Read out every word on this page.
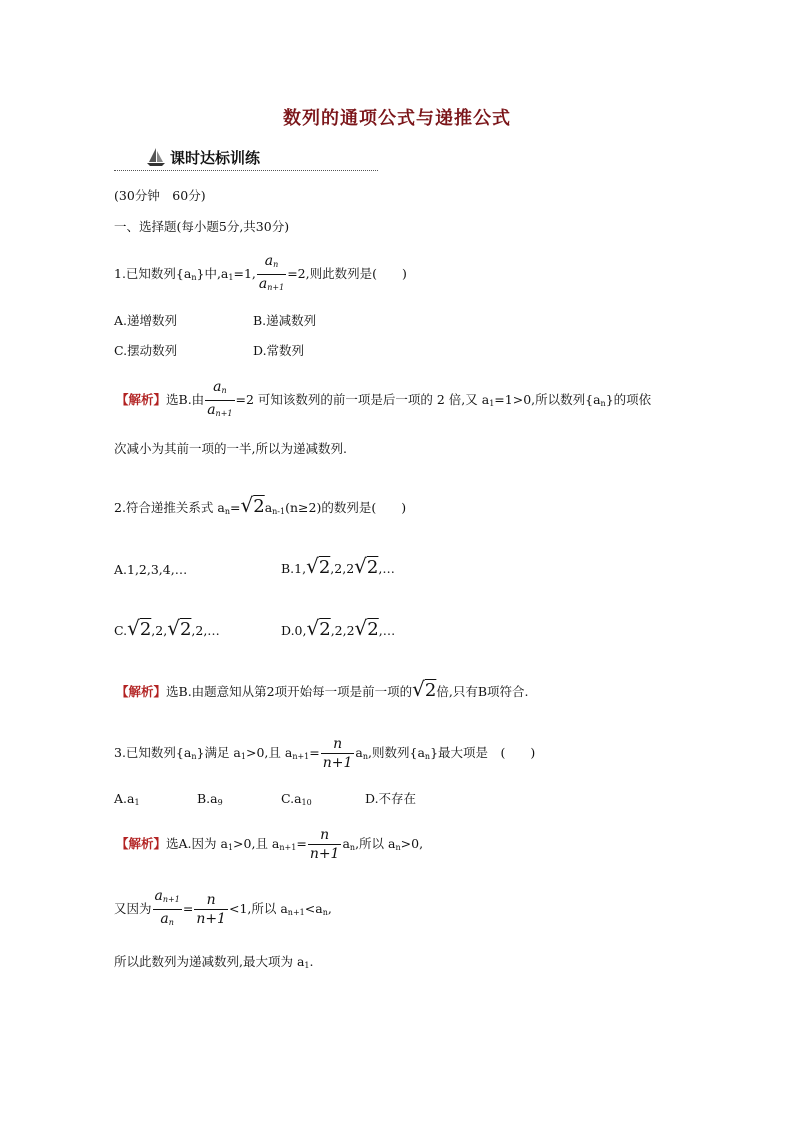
数列的通项公式与递推公式
课时达标训练
(30分钟　60分)
一、选择题(每小题5分,共30分)
1.已知数列$\{a_n\}$中$,a_1=1$, $\frac{a_n}{a_{n+1}} =2$,则此数列是(　　)
A.递增数列	B.递减数列
C.摆动数列	D.常数列
【解析】选B.由 $\frac{a_n}{a_{n+1}} =2$ 可知该数列的前一项是后一项的 2 倍,又 $a_1=1>0$,所以数列$\{a_n\}$的项依
次减小为其前一项的一半,所以为递减数列.
2.符合递推关系式 $a_n=√2a_{n-1}(n\ge 2)$的数列是(　　)
A.1,2,3,4,…	B.1,√2,2,2√2,…
C.√2,2,√2,2,…	D.0,√2,2,2√2,…
【解析】选B.由题意知从第2项开始每一项是前一项的√2倍,只有B项符合.
3.已知数列$\{a_n\}$满足 $a_1>0$,且 $a_{n+1}= \frac{n}{n+1} a_n$,则数列$\{a_n\}$最大项是　(　　)
$A.a_1$	$B.a_9$	$C.a_{10}$	D.不存在
【解析】选A.因为 $a_1>0$,且 $a_{n+1}= \frac{n}{n+1} a_n$,所以 $a_n>0$,
又因为 $\frac{a_{n+1}}{a_n} = \frac{n}{n+1} <1$,所以 $a_{n+1}<a_n$,
所以此数列为递减数列,最大项为 $a_1$.
